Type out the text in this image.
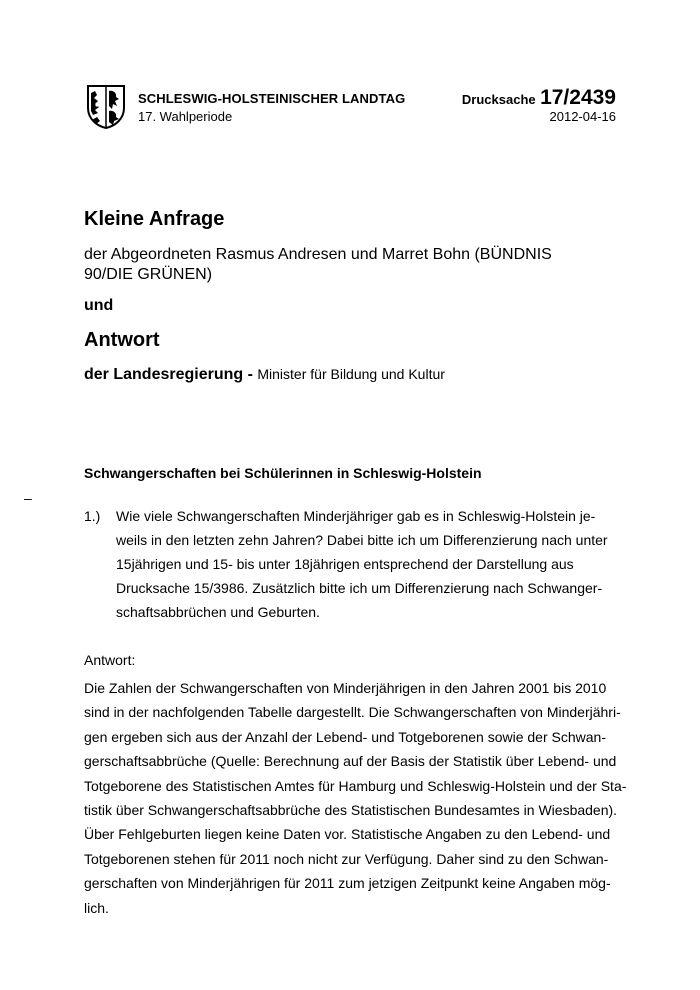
SCHLESWIG-HOLSTEINISCHER LANDTAG
17. Wahlperiode
Drucksache 17/2439
2012-04-16
Kleine Anfrage
der Abgeordneten Rasmus Andresen und Marret Bohn (BÜNDNIS
90/DIE GRÜNEN)
und
Antwort
der Landesregierung - Minister für Bildung und Kultur
Schwangerschaften bei Schülerinnen in Schleswig-Holstein
–
1.) Wie viele Schwangerschaften Minderjähriger gab es in Schleswig-Holstein je-
weils in den letzten zehn Jahren? Dabei bitte ich um Differenzierung nach unter
15jährigen und 15- bis unter 18jährigen entsprechend der Darstellung aus
Drucksache 15/3986. Zusätzlich bitte ich um Differenzierung nach Schwanger-
schaftsabbrüchen und Geburten.
Antwort:
Die Zahlen der Schwangerschaften von Minderjährigen in den Jahren 2001 bis 2010
sind in der nachfolgenden Tabelle dargestellt. Die Schwangerschaften von Minderjähri-
gen ergeben sich aus der Anzahl der Lebend- und Totgeborenen sowie der Schwan-
gerschaftsabbrüche (Quelle: Berechnung auf der Basis der Statistik über Lebend- und
Totgeborene des Statistischen Amtes für Hamburg und Schleswig-Holstein und der Sta-
tistik über Schwangerschaftsabbrüche des Statistischen Bundesamtes in Wiesbaden).
Über Fehlgeburten liegen keine Daten vor. Statistische Angaben zu den Lebend- und
Totgeborenen stehen für 2011 noch nicht zur Verfügung. Daher sind zu den Schwan-
gerschaften von Minderjährigen für 2011 zum jetzigen Zeitpunkt keine Angaben mög-
lich.
